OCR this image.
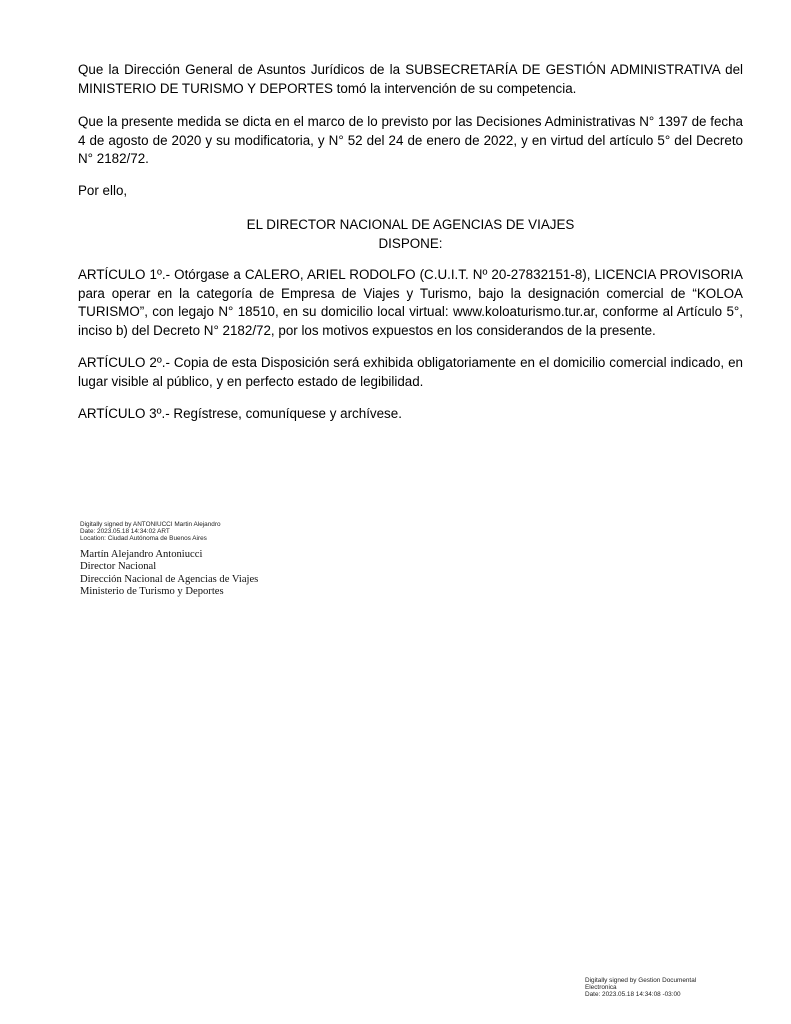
Que la Dirección General de Asuntos Jurídicos de la SUBSECRETARÍA DE GESTIÓN ADMINISTRATIVA del MINISTERIO DE TURISMO Y DEPORTES tomó la intervención de su competencia.

Que la presente medida se dicta en el marco de lo previsto por las Decisiones Administrativas N° 1397 de fecha 4 de agosto de 2020 y su modificatoria, y N° 52 del 24 de enero de 2022, y en virtud del artículo 5° del Decreto N° 2182/72.

Por ello,

EL DIRECTOR NACIONAL DE AGENCIAS DE VIAJES
DISPONE:

ARTÍCULO 1º.- Otórgase a CALERO, ARIEL RODOLFO (C.U.I.T. Nº 20-27832151-8), LICENCIA PROVISORIA para operar en la categoría de Empresa de Viajes y Turismo, bajo la designación comercial de “KOLOA TURISMO”, con legajo N° 18510, en su domicilio local virtual: www.koloaturismo.tur.ar, conforme al Artículo 5°, inciso b) del Decreto N° 2182/72, por los motivos expuestos en los considerandos de la presente.

ARTÍCULO 2º.- Copia de esta Disposición será exhibida obligatoriamente en el domicilio comercial indicado, en lugar visible al público, y en perfecto estado de legibilidad.

ARTÍCULO 3º.- Regístrese, comuníquese y archívese.

Digitally signed by ANTONIUCCI Martin Alejandro
Date: 2023.05.18 14:34:02 ART
Location: Ciudad Autónoma de Buenos Aires
Martín Alejandro Antoniucci
Director Nacional
Dirección Nacional de Agencias de Viajes
Ministerio de Turismo y Deportes
Digitally signed by Gestion Documental
Electronica
Date: 2023.05.18 14:34:08 -03:00
